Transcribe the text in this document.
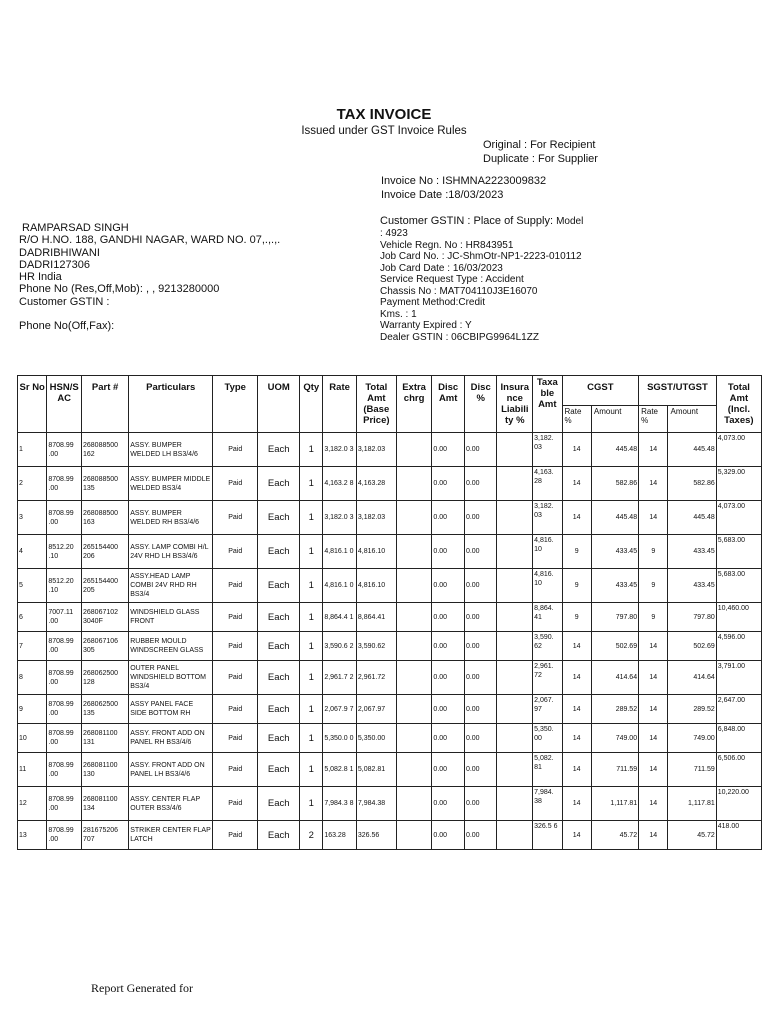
TAX INVOICE
Issued under GST Invoice Rules
Original : For Recipient
Duplicate : For Supplier
Invoice No : ISHMNA2223009832
Invoice Date :18/03/2023
RAMPARSAD SINGH
R/O H.NO. 188, GANDHI NAGAR, WARD NO. 07,.,.,.
DADRIBHIWANI
DADRI127306
HR India
Phone No (Res,Off,Mob): , , 9213280000
Customer GSTIN :
Phone No(Off,Fax):
Customer GSTIN : Place of Supply: Model
: 4923
Vehicle Regn. No : HR843951
Job Card No. : JC-ShmOtr-NP1-2223-010112
Job Card Date : 16/03/2023
Service Request Type : Accident
Chassis No : MAT704110J3E16070
Payment Method:Credit
Kms. : 1
Warranty Expired : Y
Dealer GSTIN : 06CBIPG9964L1ZZ
Sr No	HSN/S AC	Part #	Particulars	Type	UOM	Qty	Rate	Total Amt (Base Price)	Extra chrg	Disc Amt	Disc %	Insura nce Liabili ty %	Taxa ble Amt	CGST		SGST/UTGST		Total Amt (Incl. Taxes)
														Rate %	Amount	Rate %	Amount	
1	8708.99 .00	268088500 162	ASSY. BUMPER WELDED LH BS3/4/6	Paid	Each	1	3,182.0 3	3,182.03		0.00	0.00		3,182. 03	14	445.48	14	445.48	4,073.00
2	8708.99 .00	268088500 135	ASSY. BUMPER MIDDLE WELDED BS3/4	Paid	Each	1	4,163.2 8	4,163.28		0.00	0.00		4,163. 28	14	582.86	14	582.86	5,329.00
3	8708.99 .00	268088500 163	ASSY. BUMPER WELDED RH BS3/4/6	Paid	Each	1	3,182.0 3	3,182.03		0.00	0.00		3,182. 03	14	445.48	14	445.48	4,073.00
4	8512.20 .10	265154400 206	ASSY. LAMP COMBI H/L 24V RHD LH BS3/4/6	Paid	Each	1	4,816.1 0	4,816.10		0.00	0.00		4,816. 10	9	433.45	9	433.45	5,683.00
5	8512.20 .10	265154400 205	ASSY.HEAD LAMP COMBI 24V RHD RH BS3/4	Paid	Each	1	4,816.1 0	4,816.10		0.00	0.00		4,816. 10	9	433.45	9	433.45	5,683.00
6	7007.11 .00	268067102 3040F	WINDSHIELD GLASS FRONT	Paid	Each	1	8,864.4 1	8,864.41		0.00	0.00		8,864. 41	9	797.80	9	797.80	10,460.00
7	8708.99 .00	268067106 305	RUBBER MOULD WINDSCREEN GLASS	Paid	Each	1	3,590.6 2	3,590.62		0.00	0.00		3,590. 62	14	502.69	14	502.69	4,596.00
8	8708.99 .00	268062500 128	OUTER PANEL WINDSHIELD BOTTOM BS3/4	Paid	Each	1	2,961.7 2	2,961.72		0.00	0.00		2,961. 72	14	414.64	14	414.64	3,791.00
9	8708.99 .00	268062500 135	ASSY PANEL FACE SIDE BOTTOM RH	Paid	Each	1	2,067.9 7	2,067.97		0.00	0.00		2,067. 97	14	289.52	14	289.52	2,647.00
10	8708.99 .00	268081100 131	ASSY. FRONT ADD ON PANEL RH BS3/4/6	Paid	Each	1	5,350.0 0	5,350.00		0.00	0.00		5,350. 00	14	749.00	14	749.00	6,848.00
11	8708.99 .00	268081100 130	ASSY. FRONT ADD ON PANEL LH BS3/4/6	Paid	Each	1	5,082.8 1	5,082.81		0.00	0.00		5,082. 81	14	711.59	14	711.59	6,506.00
12	8708.99 .00	268081100 134	ASSY. CENTER FLAP OUTER BS3/4/6	Paid	Each	1	7,984.3 8	7,984.38		0.00	0.00		7,984. 38	14	1,117.81	14	1,117.81	10,220.00
13	8708.99 .00	281675206 707	STRIKER CENTER FLAP LATCH	Paid	Each	2	163.28	326.56		0.00	0.00		326.5 6	14	45.72	14	45.72	418.00
Report Generated for
